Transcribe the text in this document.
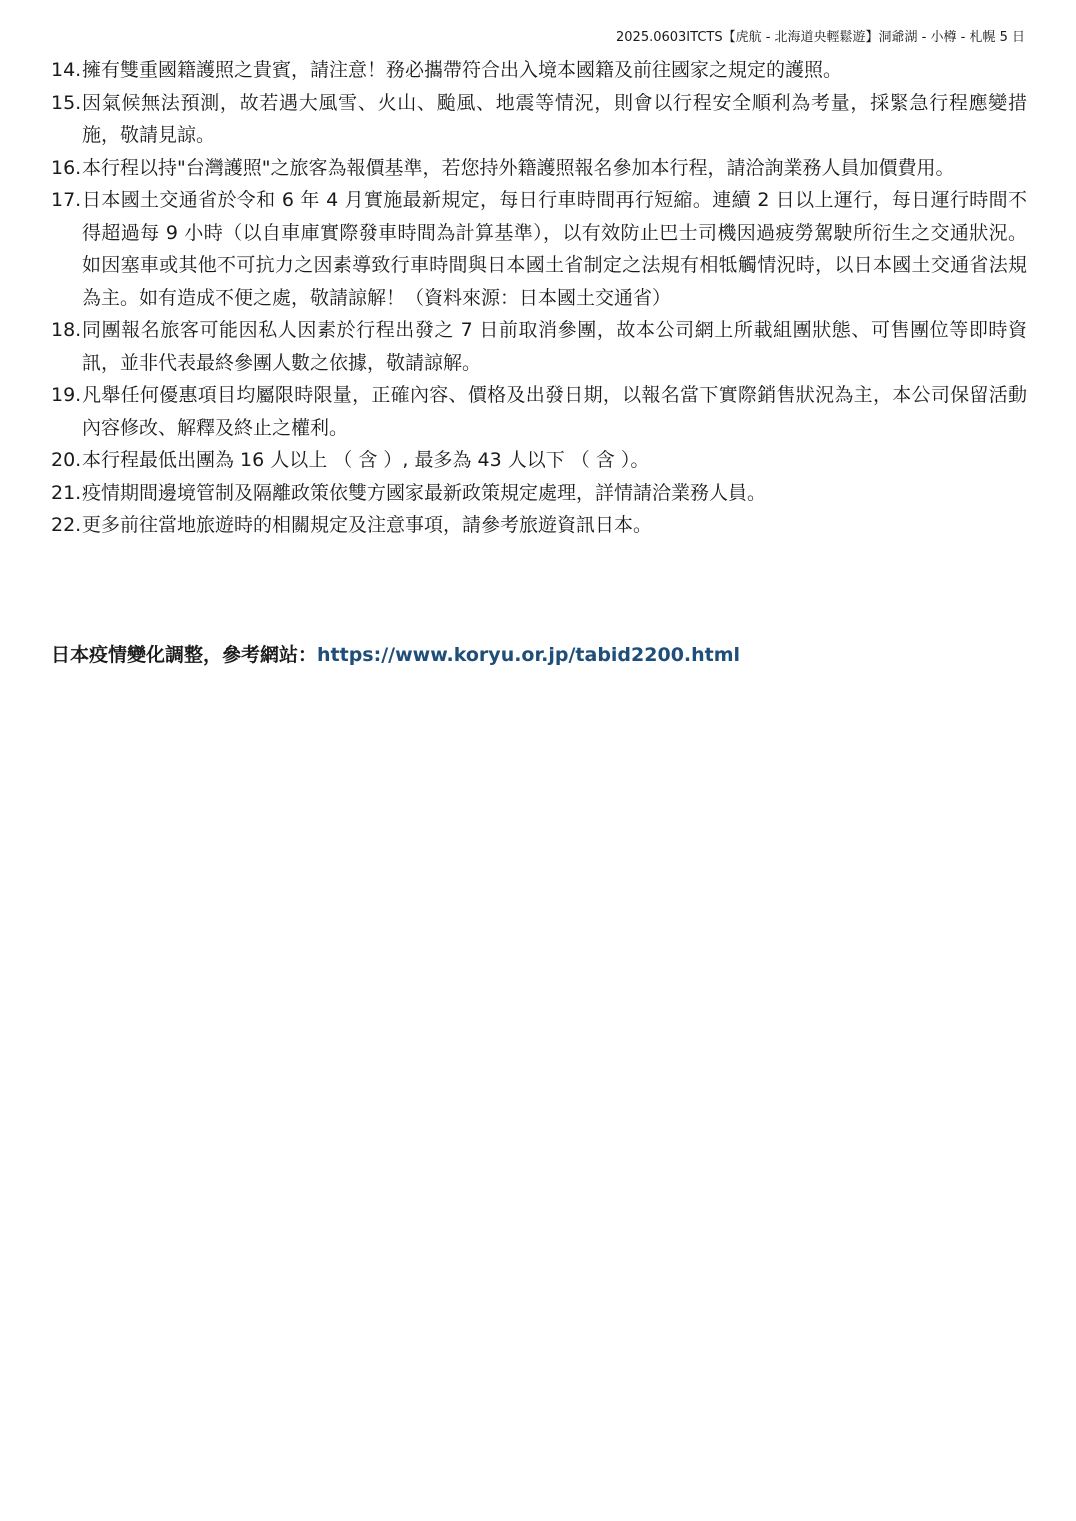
2025.0603ITCTS【虎航 - 北海道央輕鬆遊】洞爺湖 - 小樽 - 札幌 5 日
14. 擁有雙重國籍護照之貴賓，請注意！務必攜帶符合出入境本國籍及前往國家之規定的護照。
15. 因氣候無法預測，故若遇大風雪、火山、颱風、地震等情況，則會以行程安全順利為考量，採緊急行程應變措施，敬請見諒。
16. 本行程以持"台灣護照"之旅客為報價基準，若您持外籍護照報名參加本行程，請洽詢業務人員加價費用。
17. 日本國土交通省於令和 6 年 4 月實施最新規定，每日行車時間再行短縮。連續 2 日以上運行，每日運行時間不得超過每 9 小時（以自車庫實際發車時間為計算基準），以有效防止巴士司機因過疲勞駕駛所衍生之交通狀況。如因塞車或其他不可抗力之因素導致行車時間與日本國土省制定之法規有相牴觸情況時，以日本國土交通省法規為主。如有造成不便之處，敬請諒解！（資料來源：日本國土交通省）
18. 同團報名旅客可能因私人因素於行程出發之 7 日前取消參團，故本公司網上所載組團狀態、可售團位等即時資訊，並非代表最終參團人數之依據，敬請諒解。
19. 凡舉任何優惠項目均屬限時限量，正確內容、價格及出發日期，以報名當下實際銷售狀況為主，本公司保留活動內容修改、解釋及終止之權利。
20. 本行程最低出團為 16 人以上 （ 含 ）, 最多為 43 人以下 （ 含 ）。
21. 疫情期間邊境管制及隔離政策依雙方國家最新政策規定處理，詳情請洽業務人員。
22. 更多前往當地旅遊時的相關規定及注意事項，請參考旅遊資訊日本。
日本疫情變化調整，參考網站：https://www.koryu.or.jp/tabid2200.html
